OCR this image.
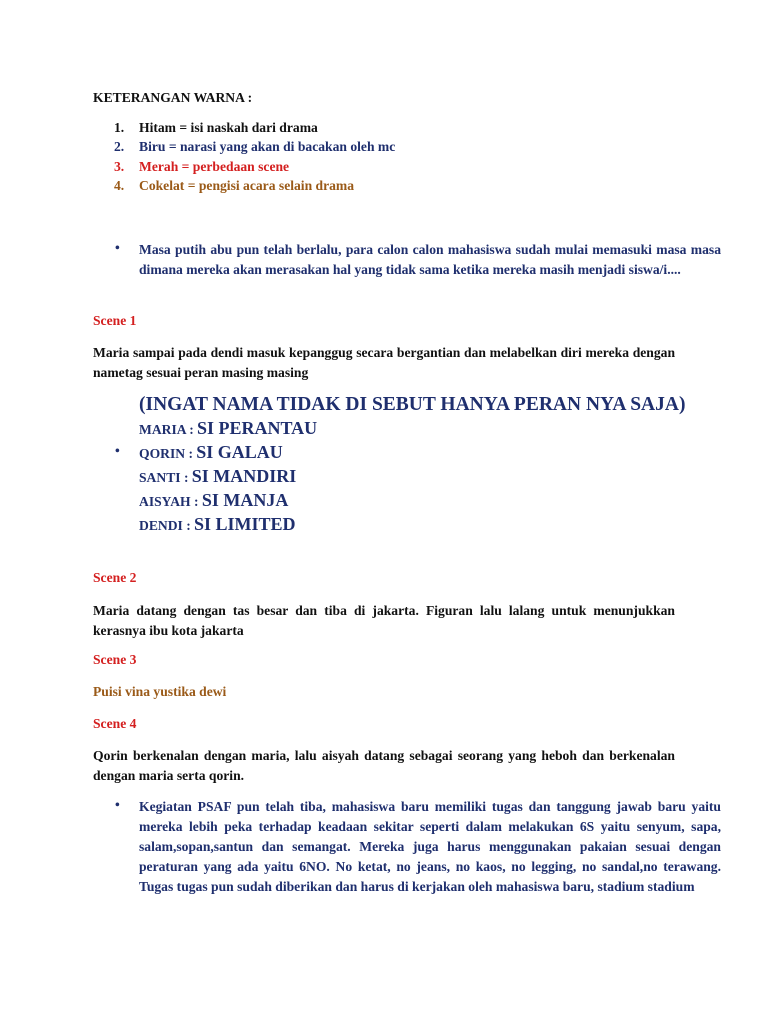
KETERANGAN WARNA :

1. Hitam = isi naskah dari drama
2. Biru = narasi yang akan di bacakan oleh mc
3. Merah = perbedaan scene
4. Cokelat = pengisi acara selain drama
• Masa putih abu pun telah berlalu, para calon calon mahasiswa sudah mulai memasuki masa masa dimana mereka akan merasakan hal yang tidak sama ketika mereka masih menjadi siswa/i....

Scene 1

Maria sampai pada dendi masuk kepanggug secara bergantian dan melabelkan diri mereka dengan nametag sesuai peran masing masing

(INGAT NAMA TIDAK DI SEBUT HANYA PERAN NYA SAJA)

•
MARIA : SI PERANTAU
QORIN : SI GALAU
SANTI : SI MANDIRI
AISYAH : SI MANJA
DENDI : SI LIMITED

Scene 2

Maria datang dengan tas besar dan tiba di jakarta. Figuran lalu lalang untuk menunjukkan kerasnya ibu kota jakarta

Scene 3

Puisi vina yustika dewi

Scene 4

Qorin berkenalan dengan maria, lalu aisyah datang sebagai seorang yang heboh dan berkenalan dengan maria serta qorin.

• Kegiatan PSAF pun telah tiba, mahasiswa baru memiliki tugas dan tanggung jawab baru yaitu mereka lebih peka terhadap keadaan sekitar seperti dalam melakukan 6S yaitu senyum, sapa, salam,sopan,santun dan semangat. Mereka juga harus menggunakan pakaian sesuai dengan peraturan yang ada yaitu 6NO. No ketat, no jeans, no kaos, no legging, no sandal,no terawang. Tugas tugas pun sudah diberikan dan harus di kerjakan oleh mahasiswa baru, stadium stadium
